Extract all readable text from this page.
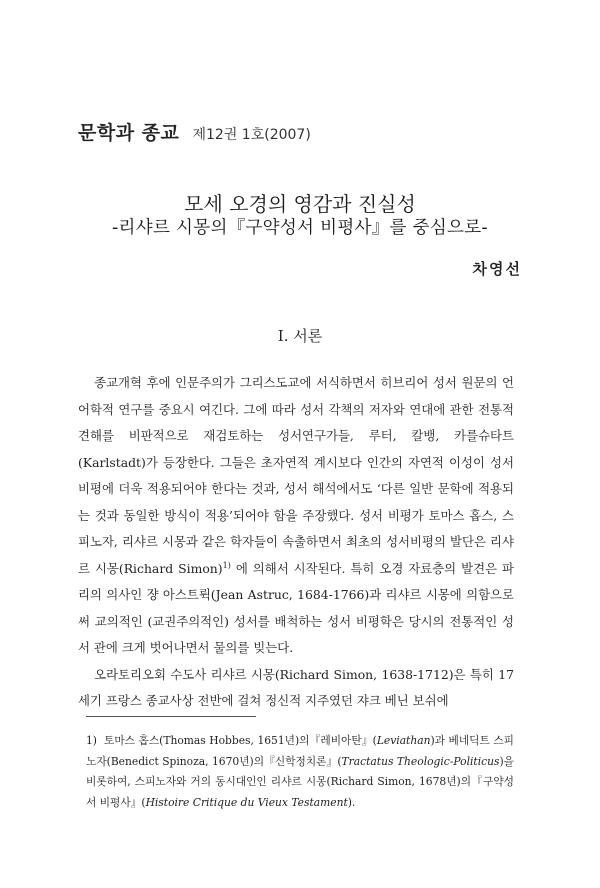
문학과 종교 제12권 1호(2007)
모세 오경의 영감과 진실성
-리샤르 시몽의『구약성서 비평사』를 중심으로-
차영선
I. 서론

종교개혁 후에 인문주의가 그리스도교에 서식하면서 히브리어 성서 원문의 언어학적 연구를 중요시 여긴다. 그에 따라 성서 각책의 저자와 연대에 관한 전통적 견해를 비판적으로 재검토하는 성서연구가들, 루터, 칼뱅, 카를슈타트(Karlstadt)가 등장한다. 그들은 초자연적 계시보다 인간의 자연적 이성이 성서비평에 더욱 적용되어야 한다는 것과, 성서 해석에서도 ‘다른 일반 문학에 적용되는 것과 동일한 방식이 적용’되어야 함을 주장했다. 성서 비평가 토마스 홉스, 스피노자, 리샤르 시몽과 같은 학자들이 속출하면서 최초의 성서비평의 발단은 리샤르 시몽(Richard Simon)$^{1)}$ 에 의해서 시작된다. 특히 오경 자료층의 발견은 파리의 의사인 쟝 아스트뤽(Jean Astruc, 1684-1766)과 리샤르 시몽에 의함으로써 교의적인 (교권주의적인) 성서를 배척하는 성서 비평학은 당시의 전통적인 성서 관에 크게 벗어나면서 물의를 빚는다.

오라토리오회 수도사 리샤르 시몽(Richard Simon, 1638-1712)은 특히 17세기 프랑스 종교사상 전반에 걸쳐 정신적 지주였던 쟈크 베닌 보쉬에

1) 토마스 홉스(Thomas Hobbes, 1651년)의『레비아탄』(Leviathan)과 베네딕트 스피노자(Benedict Spinoza, 1670년)의『신학정치론』(Tractatus Theologic-Politicus)을 비롯하여, 스피노자와 거의 동시대인인 리샤르 시몽(Richard Simon, 1678년)의『구약성서 비평사』(Histoire Critique du Vieux Testament).
